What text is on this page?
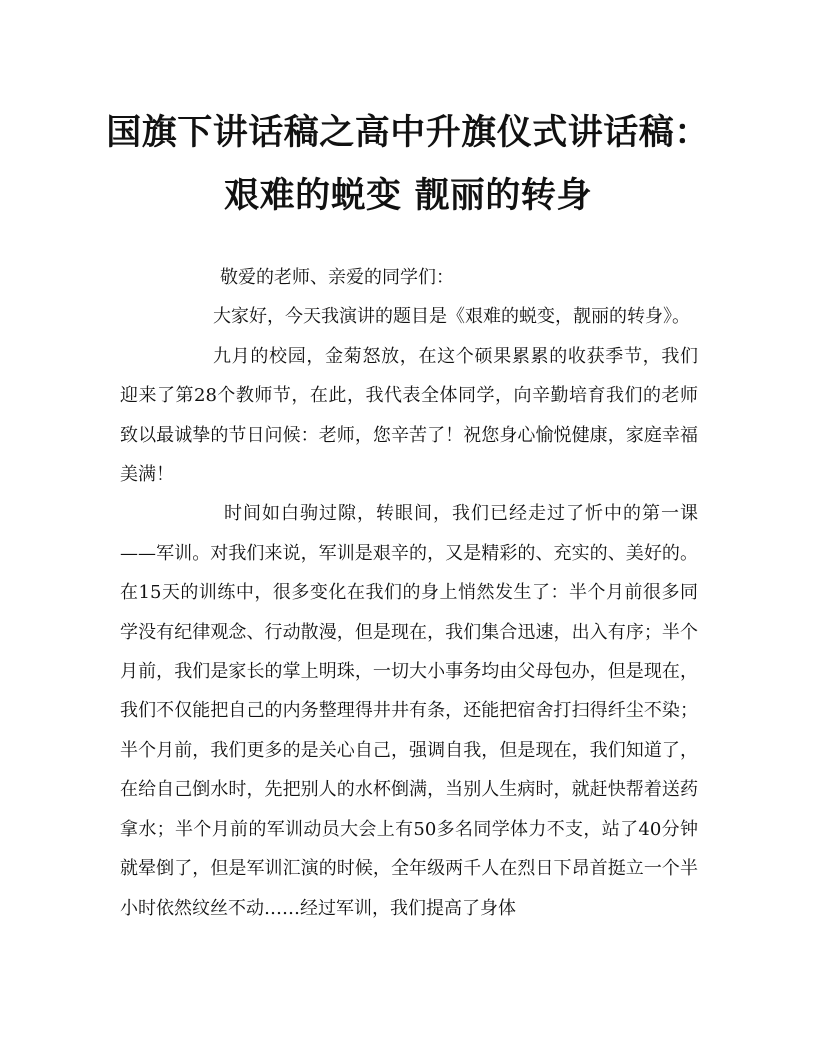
国旗下讲话稿之高中升旗仪式讲话稿：
艰难的蜕变 靓丽的转身

敬爱的老师、亲爱的同学们：

大家好，今天我演讲的题目是《艰难的蜕变，靓丽的转身》。

九月的校园，金菊怒放，在这个硕果累累的收获季节，我们迎来了第28个教师节，在此，我代表全体同学，向辛勤培育我们的老师致以最诚挚的节日问候：老师，您辛苦了！祝您身心愉悦健康，家庭幸福美满！

时间如白驹过隙，转眼间，我们已经走过了忻中的第一课——军训。对我们来说，军训是艰辛的，又是精彩的、充实的、美好的。在15天的训练中，很多变化在我们的身上悄然发生了：半个月前很多同学没有纪律观念、行动散漫，但是现在，我们集合迅速，出入有序；半个月前，我们是家长的掌上明珠，一切大小事务均由父母包办，但是现在，我们不仅能把自己的内务整理得井井有条，还能把宿舍打扫得纤尘不染；半个月前，我们更多的是关心自己，强调自我，但是现在，我们知道了，在给自己倒水时，先把别人的水杯倒满，当别人生病时，就赶快帮着送药拿水；半个月前的军训动员大会上有50多名同学体力不支，站了40分钟就晕倒了，但是军训汇演的时候，全年级两千人在烈日下昂首挺立一个半小时依然纹丝不动……经过军训，我们提高了身体
